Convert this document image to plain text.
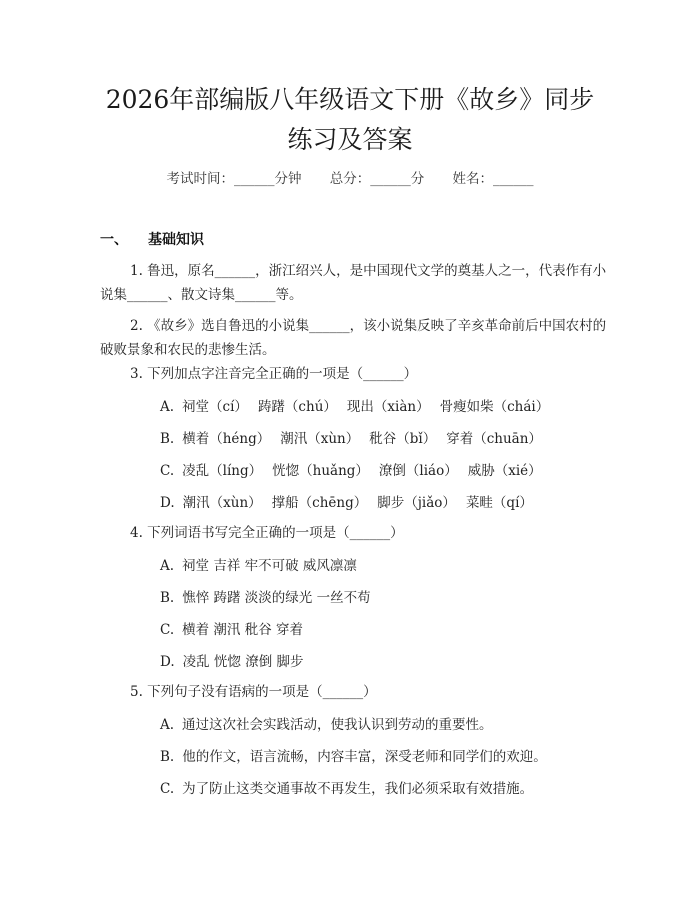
2026年部编版八年级语文下册《故乡》同步
练习及答案
考试时间：______分钟 总分：______分 姓名：______
一、 基础知识
1. 鲁迅，原名______，浙江绍兴人，是中国现代文学的奠基人之一，代表作有小说集______、散文诗集______等。
2. 《故乡》选自鲁迅的小说集______，该小说集反映了辛亥革命前后中国农村的破败景象和农民的悲惨生活。
3. 下列加点字注音完全正确的一项是（______）
A. 祠堂（cí） 踌躇（chú） 现出（xiàn） 骨瘦如柴（chái）
B. 横着（héng） 潮汛（xùn） 秕谷（bǐ） 穿着（chuān）
C. 凌乱（líng） 恍惚（huǎng） 潦倒（liáo） 威胁（xié）
D. 潮汛（xùn） 撑船（chēng） 脚步（jiǎo） 菜畦（qí）
4. 下列词语书写完全正确的一项是（______）
A. 祠堂 吉祥 牢不可破 威风凛凛
B. 憔悴 踌躇 淡淡的绿光 一丝不苟
C. 横着 潮汛 秕谷 穿着
D. 凌乱 恍惚 潦倒 脚步
5. 下列句子没有语病的一项是（______）
A. 通过这次社会实践活动，使我认识到劳动的重要性。
B. 他的作文，语言流畅，内容丰富，深受老师和同学们的欢迎。
C. 为了防止这类交通事故不再发生，我们必须采取有效措施。
